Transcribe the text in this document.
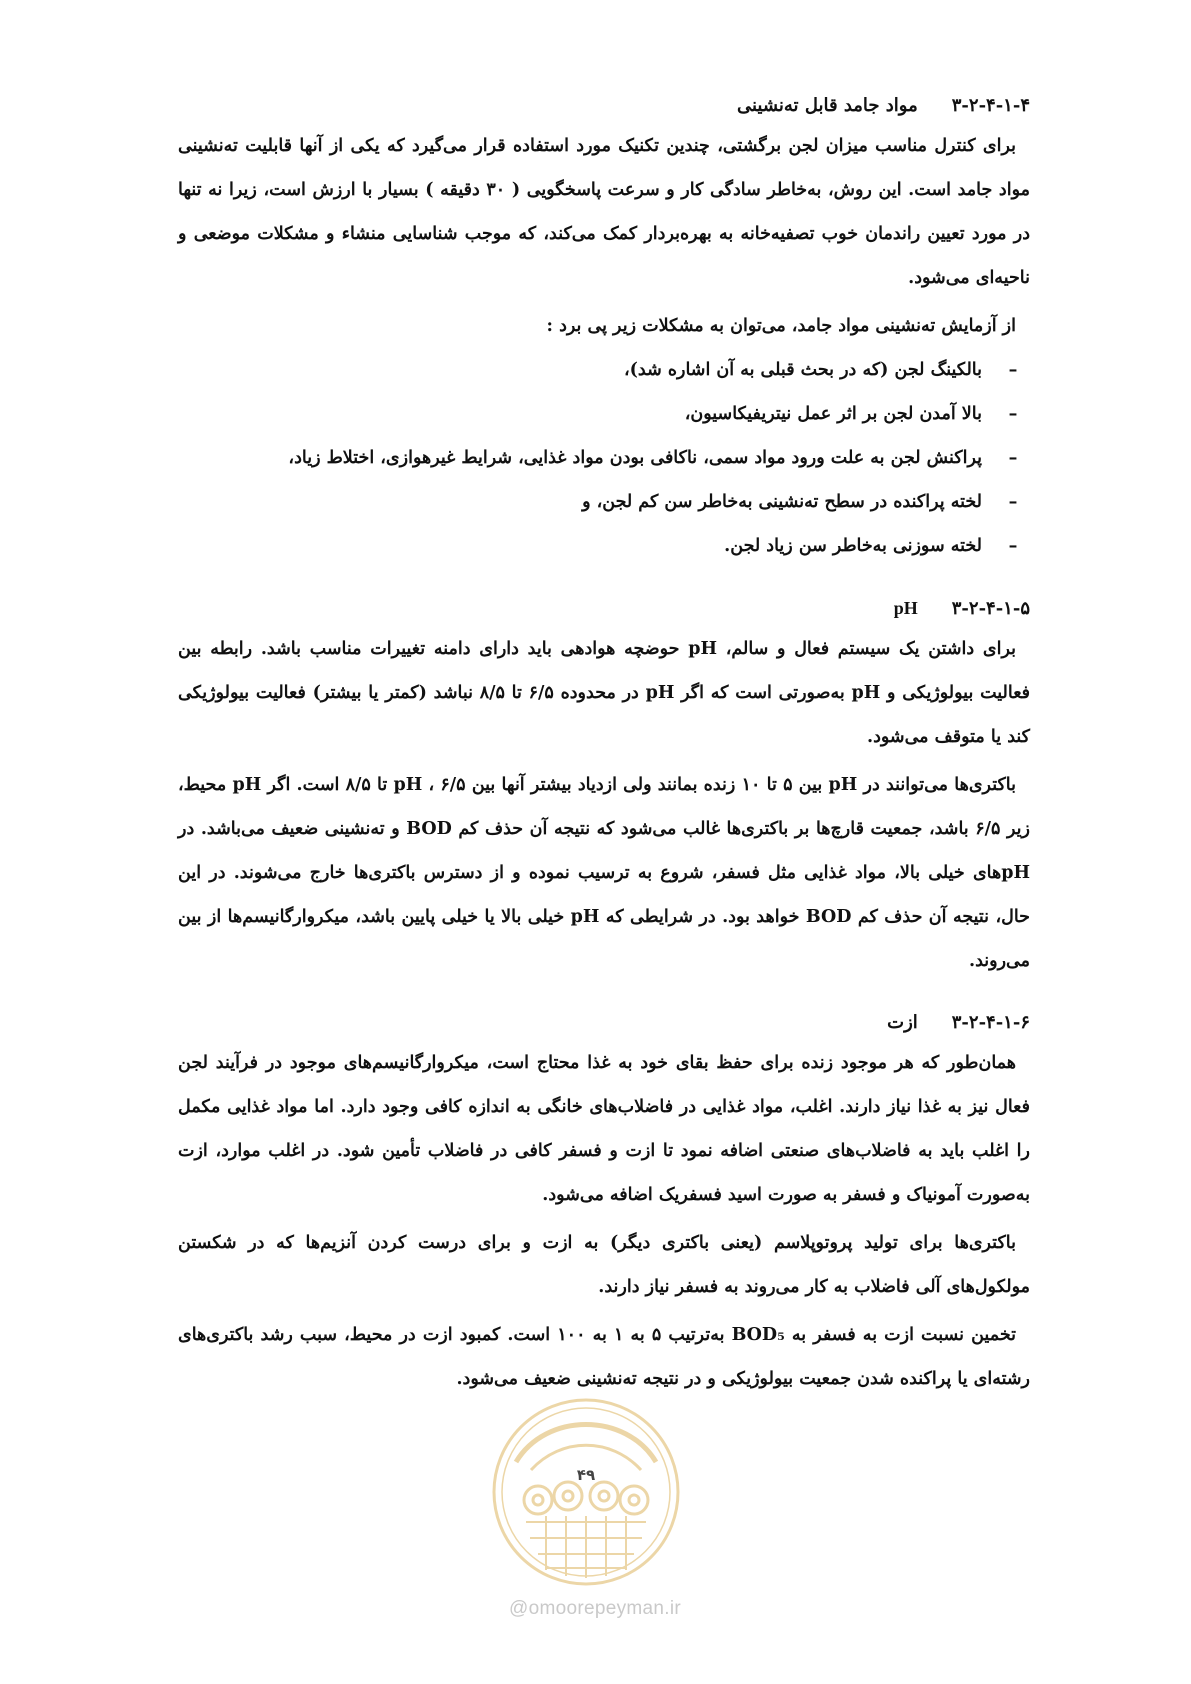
۳-۲-۴-۱-۴
مواد جامد قابل ته‌نشینی

برای کنترل مناسب میزان لجن برگشتی، چندین تکنیک مورد استفاده قرار می‌گیرد که یکی از آنها قابلیت ته‌نشینی مواد جامد است. این روش، به‌خاطر سادگی کار و سرعت پاسخگویی ( ۳۰ دقیقه ) بسیار با ارزش است، زیرا نه تنها در مورد تعیین راندمان خوب تصفیه‌خانه به بهره‌بردار کمک می‌کند، که موجب شناسایی منشاء و مشکلات موضعی و ناحیه‌ای می‌شود.

از آزمایش ته‌نشینی مواد جامد، می‌توان به مشکلات زیر پی برد :

–
بالکینگ لجن (که در بحث قبلی به آن اشاره شد)،
–
بالا آمدن لجن بر اثر عمل نیتریفیکاسیون،
–
پراکنش لجن به علت ورود مواد سمی، ناکافی بودن مواد غذایی، شرایط غیرهوازی، اختلاط زیاد،
–
لخته پراکنده در سطح ته‌نشینی به‌خاطر سن کم لجن، و
–
لخته سوزنی به‌خاطر سن زیاد لجن.
۳-۲-۴-۱-۵
pH

برای داشتن یک سیستم فعال و سالم، pH حوضچه هوادهی باید دارای دامنه تغییرات مناسب باشد. رابطه بین فعالیت بیولوژیکی و pH به‌صورتی است که اگر pH در محدوده ۶/۵ تا ۸/۵ نباشد (کمتر یا بیشتر) فعالیت بیولوژیکی کند یا متوقف می‌شود.

باکتری‌ها می‌توانند در pH بین ۵ تا ۱۰ زنده بمانند ولی ازدیاد بیشتر آنها بین pH ، ۶/۵ تا ۸/۵ است. اگر pH محیط، زیر ۶/۵ باشد، جمعیت قارچ‌ها بر باکتری‌ها غالب می‌شود که نتیجه آن حذف کم BOD و ته‌نشینی ضعیف می‌باشد. در pHهای خیلی بالا، مواد غذایی مثل فسفر، شروع به ترسیب نموده و از دسترس باکتری‌ها خارج می‌شوند. در این حال، نتیجه آن حذف کم BOD خواهد بود. در شرایطی که pH خیلی بالا یا خیلی پایین باشد، میکروارگانیسم‌ها از بین می‌روند.

۳-۲-۴-۱-۶
ازت

همان‌طور که هر موجود زنده برای حفظ بقای خود به غذا محتاج است، میکروارگانیسم‌های موجود در فرآیند لجن فعال نیز به غذا نیاز دارند. اغلب، مواد غذایی در فاضلاب‌های خانگی به اندازه کافی وجود دارد. اما مواد غذایی مکمل را اغلب باید به فاضلاب‌های صنعتی اضافه نمود تا ازت و فسفر کافی در فاضلاب تأمین شود. در اغلب موارد، ازت به‌صورت آمونیاک و فسفر به صورت اسید فسفریک اضافه می‌شود.

باکتری‌ها برای تولید پروتوپلاسم (یعنی باکتری دیگر) به ازت و برای درست کردن آنزیم‌ها که در شکستن مولکول‌های آلی فاضلاب به کار می‌روند به فسفر نیاز دارند.

تخمین نسبت ازت به فسفر به BOD₅ به‌ترتیب ۵ به ۱ به ۱۰۰ است. کمبود ازت در محیط، سبب رشد باکتری‌های رشته‌ای یا پراکنده شدن جمعیت بیولوژیکی و در نتیجه ته‌نشینی ضعیف می‌شود.

۴۹
@omoorepeyman.ir
